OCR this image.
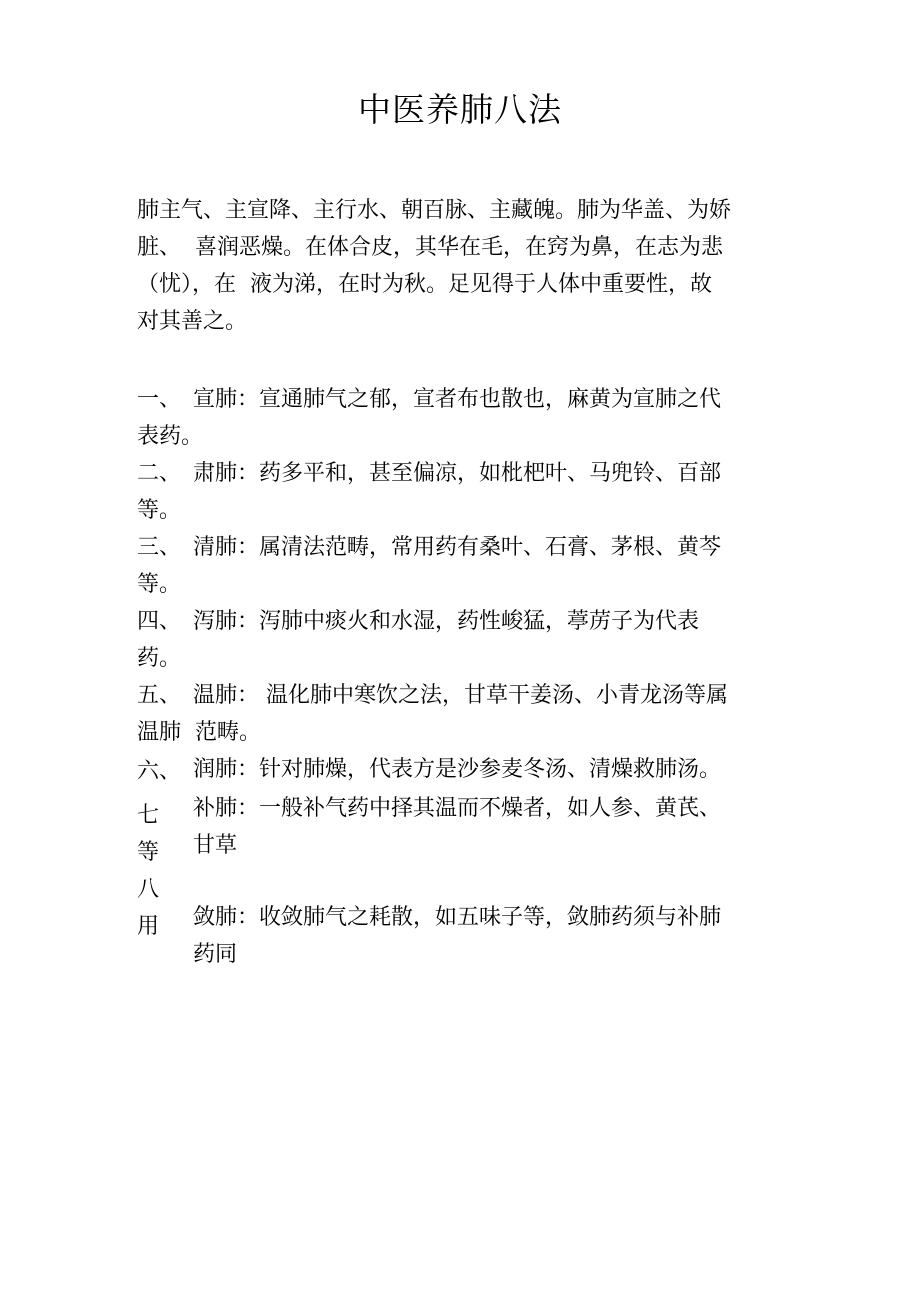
中医养肺八法
肺主气、主宣降、主行水、朝百脉、主藏魄。肺为华盖、为娇
脏、  喜润恶燥。在体合皮，其华在毛，在窍为鼻，在志为悲
（忧），在  液为涕，在时为秋。足见得于人体中重要性，故
对其善之。
一、 宣肺：宣通肺气之郁，宣者布也散也，麻黄为宣肺之代
表药。
二、 肃肺：药多平和，甚至偏凉，如枇杷叶、马兜铃、百部
等。
三、 清肺：属清法范畴，常用药有桑叶、石膏、茅根、黄芩
等。
四、 泻肺：泻肺中痰火和水湿，药性峻猛，葶苈子为代表
药。
五、 温肺： 温化肺中寒饮之法，甘草干姜汤、小青龙汤等属
温肺  范畴。
六、 润肺：针对肺燥，代表方是沙参麦冬汤、清燥救肺汤。
七
等
八
用
补肺：一般补气药中择其温而不燥者，如人参、黄芪、
甘草
敛肺：收敛肺气之耗散，如五味子等，敛肺药须与补肺
药同
